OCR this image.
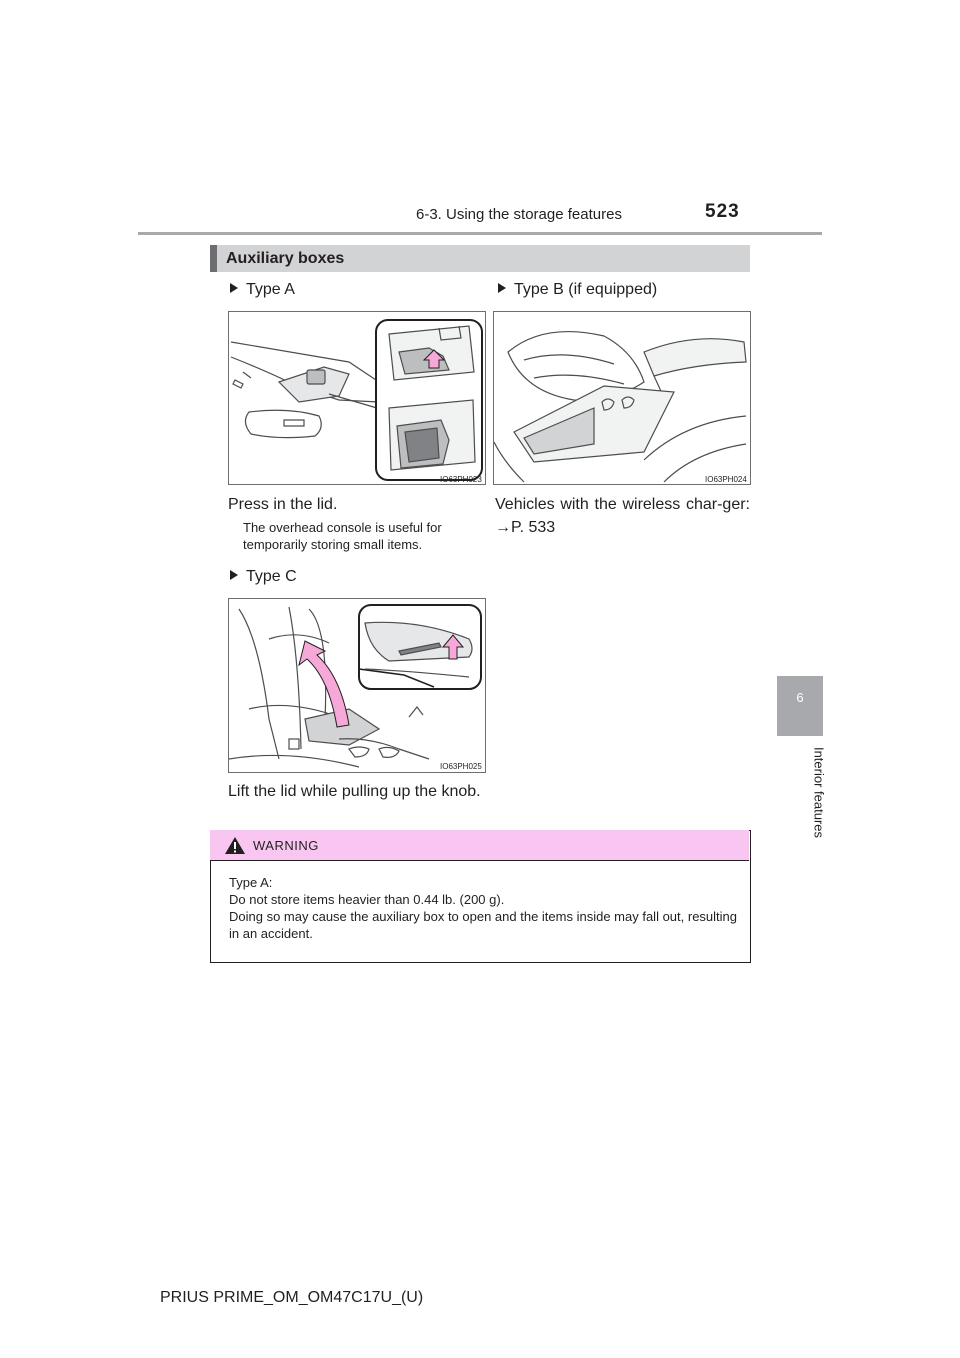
6-3. Using the storage features	523
6
Interior features
Auxiliary boxes
Type A
IO63PH023
Press in the lid.
The overhead console is useful for temporarily storing small items.
Type B (if equipped)
IO63PH024
Vehicles with the wireless char-ger: →P. 533
Type C
IO63PH025
Lift the lid while pulling up the knob.
WARNING
Type A:
Do not store items heavier than 0.44 lb. (200 g).
Doing so may cause the auxiliary box to open and the items inside may fall out, resulting in an accident.
PRIUS PRIME_OM_OM47C17U_(U)
